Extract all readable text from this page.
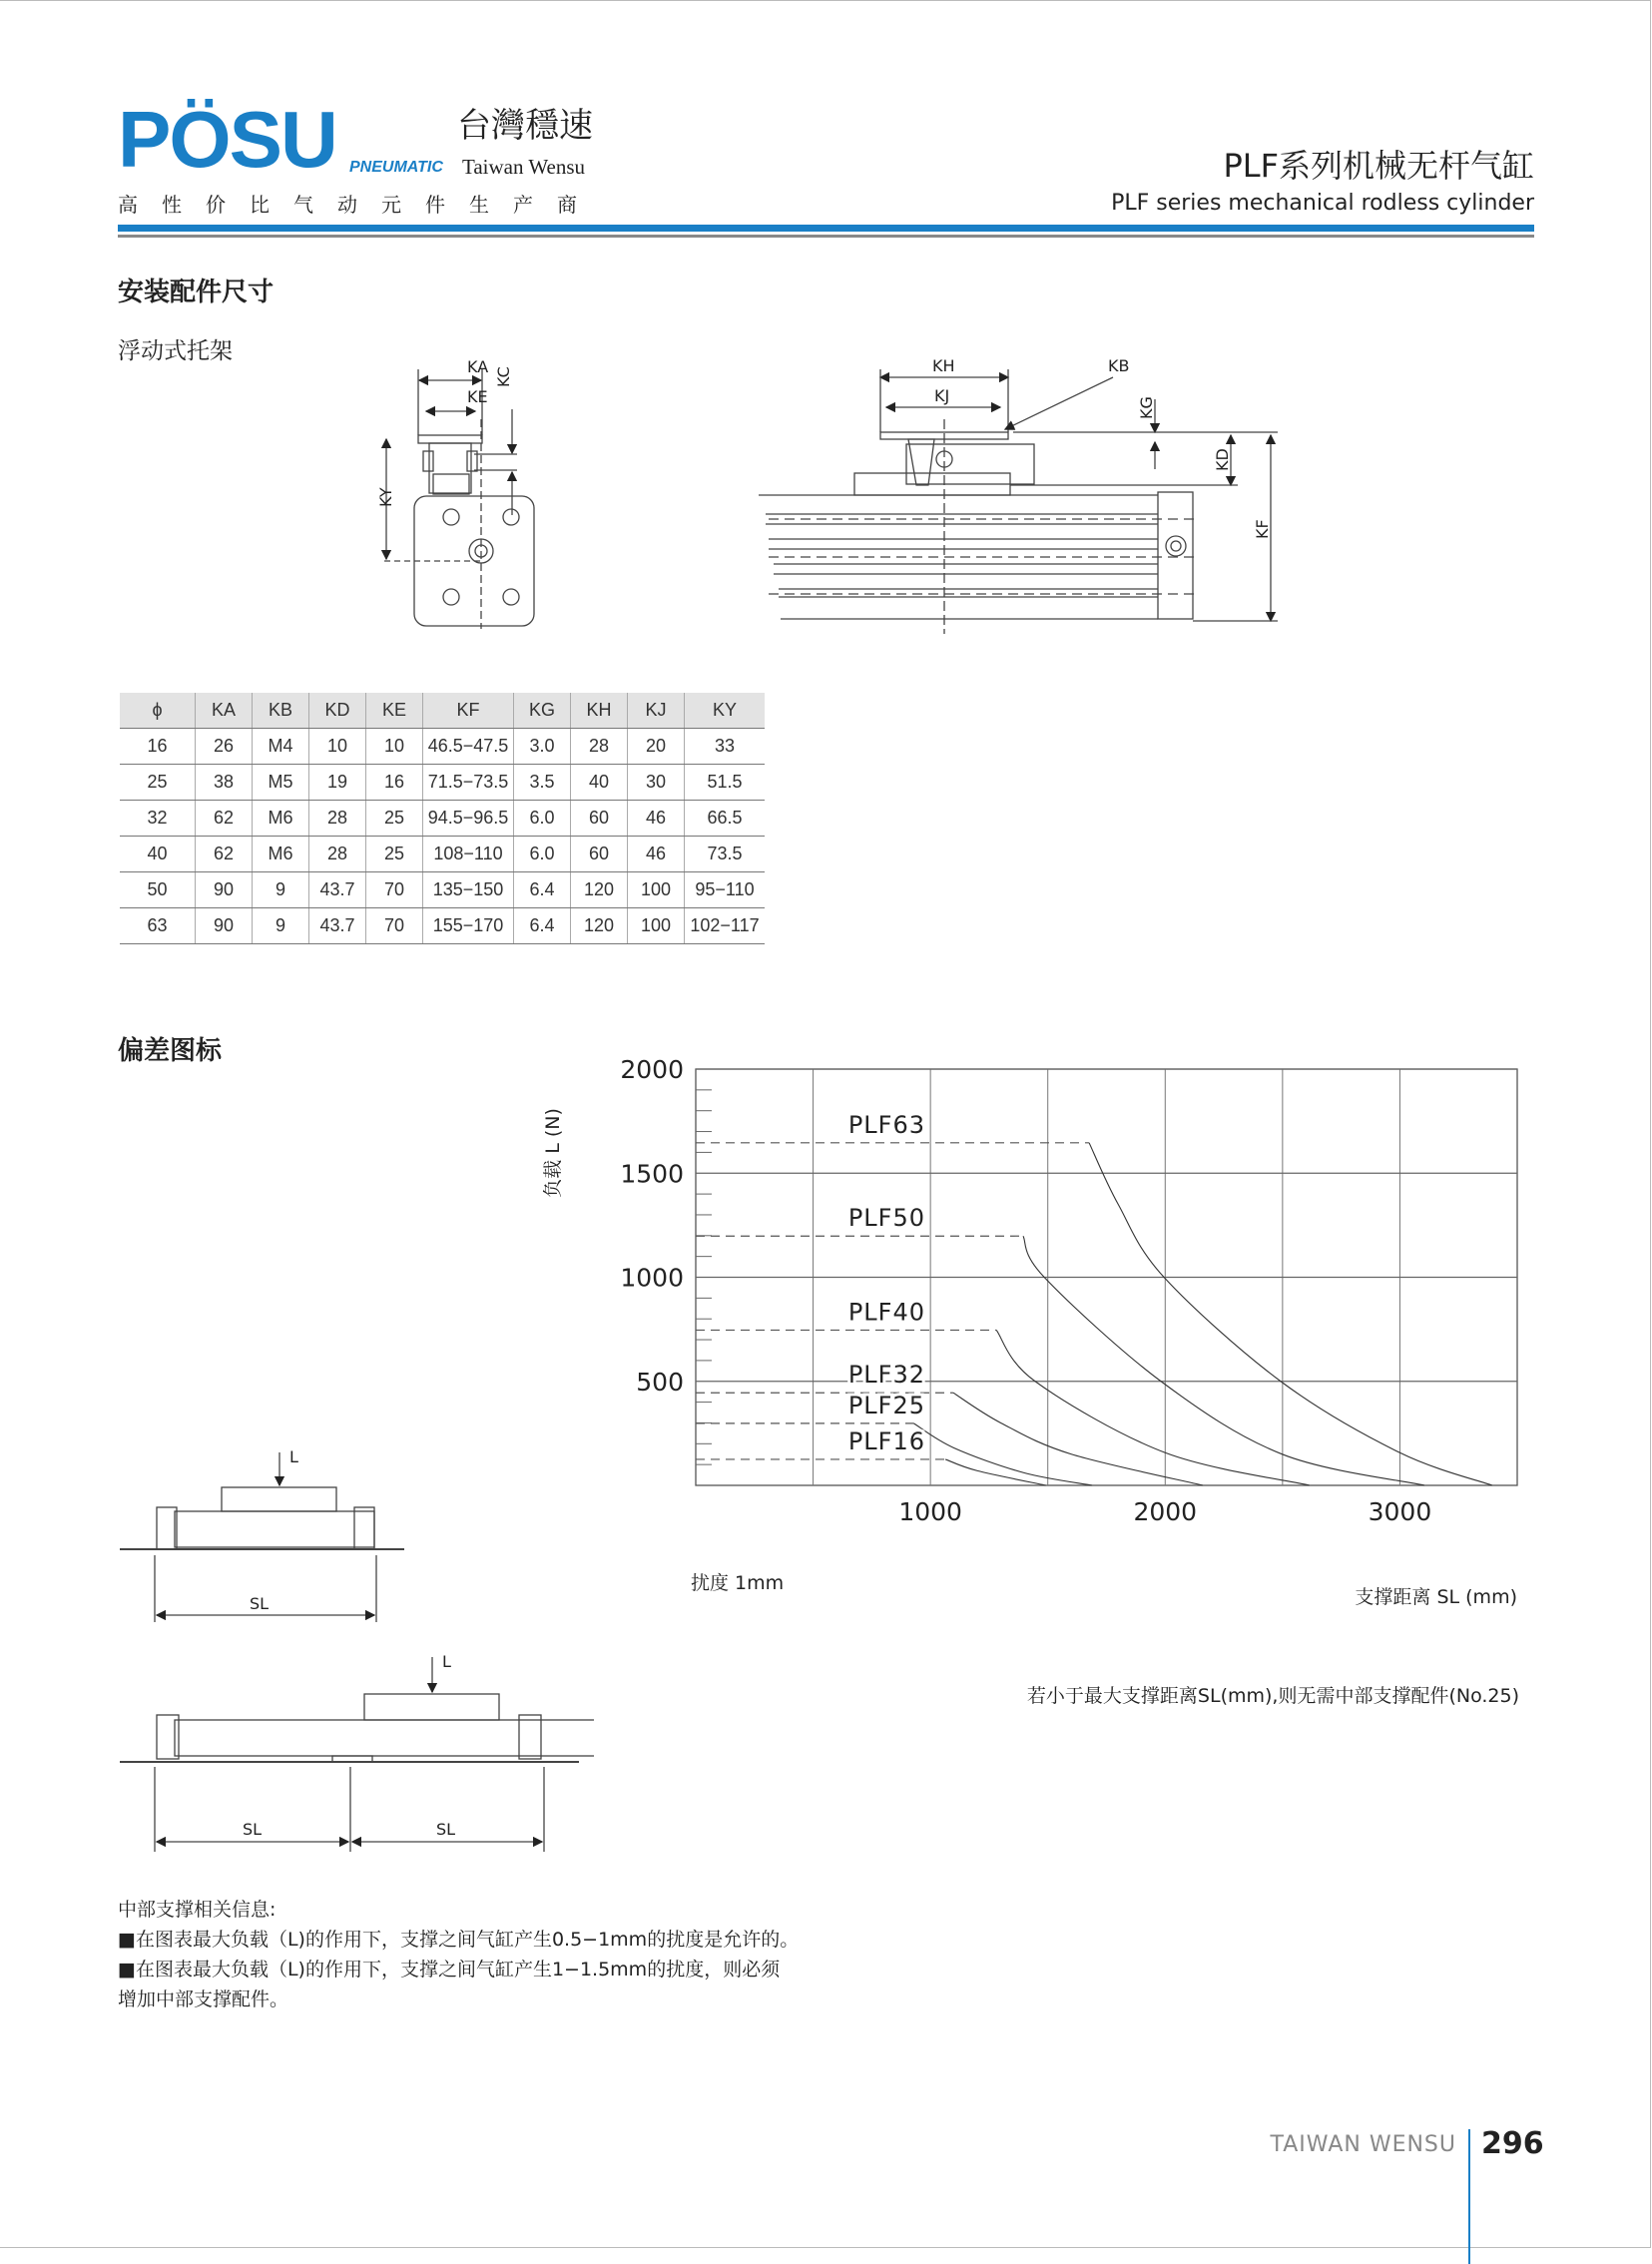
PÖSU PNEUMATIC
台灣穩速
Taiwan Wensu
高性价比气动元件生产商
PLF系列机械无杆气缸
PLF series mechanical rodless cylinder
安装配件尺寸
浮动式托架
KA
KE
KC
KY
KH
KJ
KB
KG
KD
KF
ϕ	KA	KB	KD	KE	KF	KG	KH	KJ	KY
16	26	M4	10	10	46.5−47.5	3.0	28	20	33
25	38	M5	19	16	71.5−73.5	3.5	40	30	51.5
32	62	M6	28	25	94.5−96.5	6.0	60	46	66.5
40	62	M6	28	25	108−110	6.0	60	46	73.5
50	90	9	43.7	70	135−150	6.4	120	100	95−110
63	90	9	43.7	70	155−170	6.4	120	100	102−117
偏差图标
L
SL
L
SL	SL
500
1000
1500
2000
1000	2000	3000
负载 L (N)
支撑距离 SL (mm)
扰度 1mm
PLF63
PLF50
PLF40
PLF32
PLF25
PLF16
若小于最大支撑距离SL(mm),则无需中部支撑配件(No.25)
中部支撑相关信息:
■在图表最大负载（L)的作用下，支撑之间气缸产生0.5−1mm的扰度是允许的。
■在图表最大负载（L)的作用下，支撑之间气缸产生1−1.5mm的扰度，则必须
增加中部支撑配件。
TAIWAN WENSU 296
